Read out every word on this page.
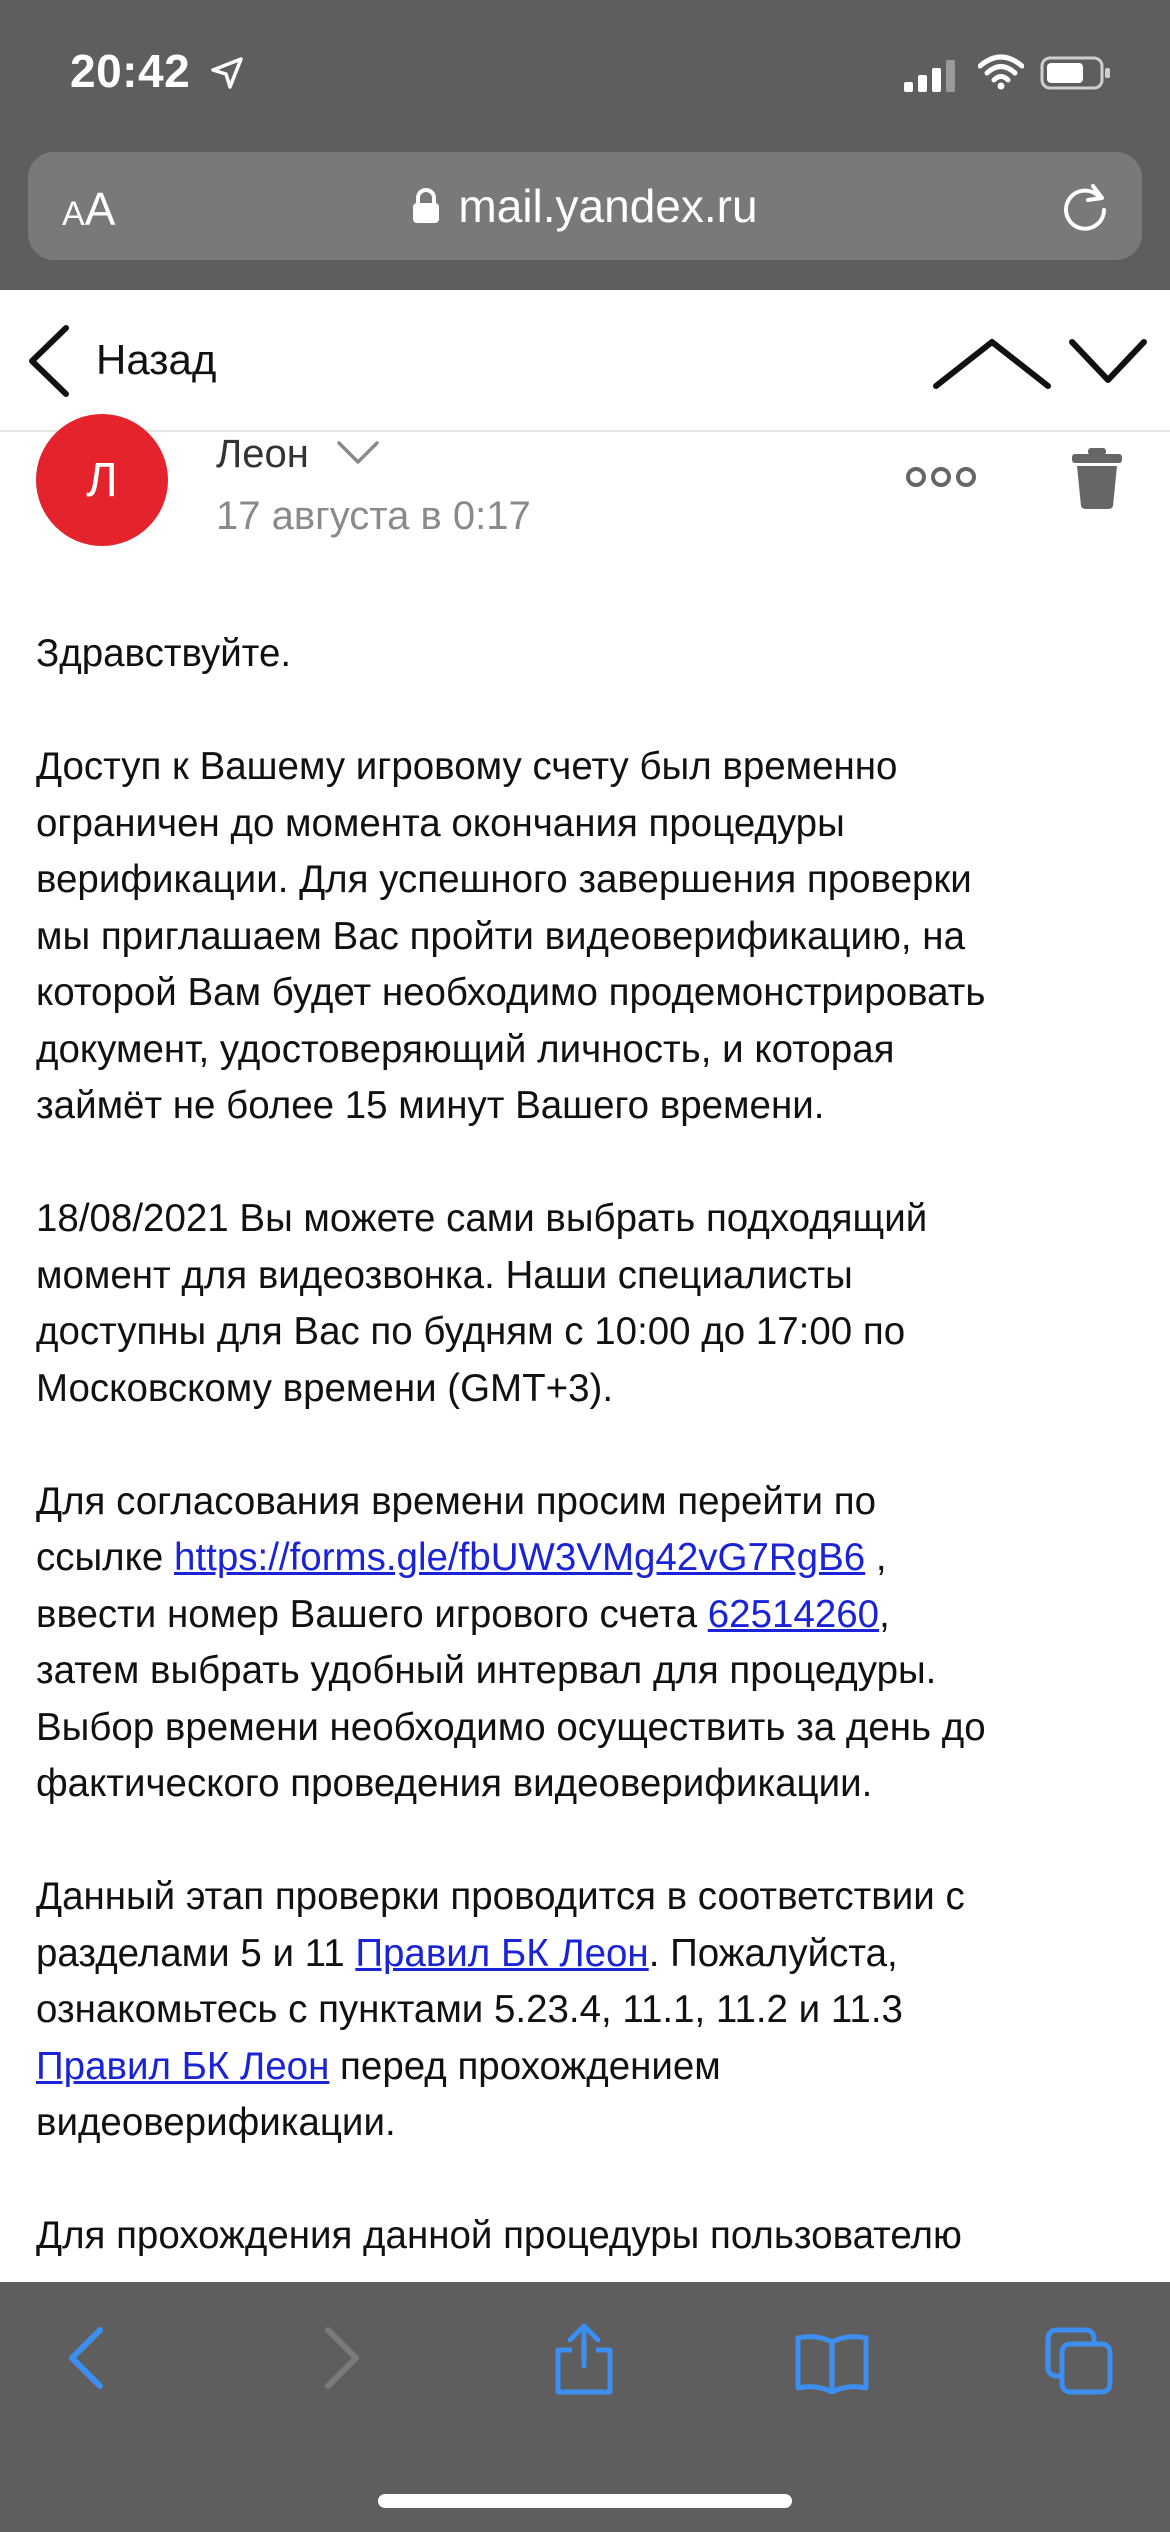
20:42
AA	mail.yandex.ru
Назад
Л	Леон
17 августа в 0:17

Здравствуйте.

Доступ к Вашему игровому счету был временно
ограничен до момента окончания процедуры
верификации. Для успешного завершения проверки
мы приглашаем Вас пройти видеоверификацию, на
которой Вам будет необходимо продемонстрировать
документ, удостоверяющий личность, и которая
займёт не более 15 минут Вашего времени.

18/08/2021 Вы можете сами выбрать подходящий
момент для видеозвонка. Наши специалисты
доступны для Вас по будням с 10:00 до 17:00 по
Московскому времени (GMT+3).

Для согласования времени просим перейти по
ссылке https://forms.gle/fbUW3VMg42vG7RgB6 ,
ввести номер Вашего игрового счета 62514260,
затем выбрать удобный интервал для процедуры.
Выбор времени необходимо осуществить за день до
фактического проведения видеоверификации.

Данный этап проверки проводится в соответствии с
разделами 5 и 11 Правил БК Леон. Пожалуйста,
ознакомьтесь с пунктами 5.23.4, 11.1, 11.2 и 11.3
Правил БК Леон перед прохождением
видеоверификации.

Для прохождения данной процедуры пользователю
